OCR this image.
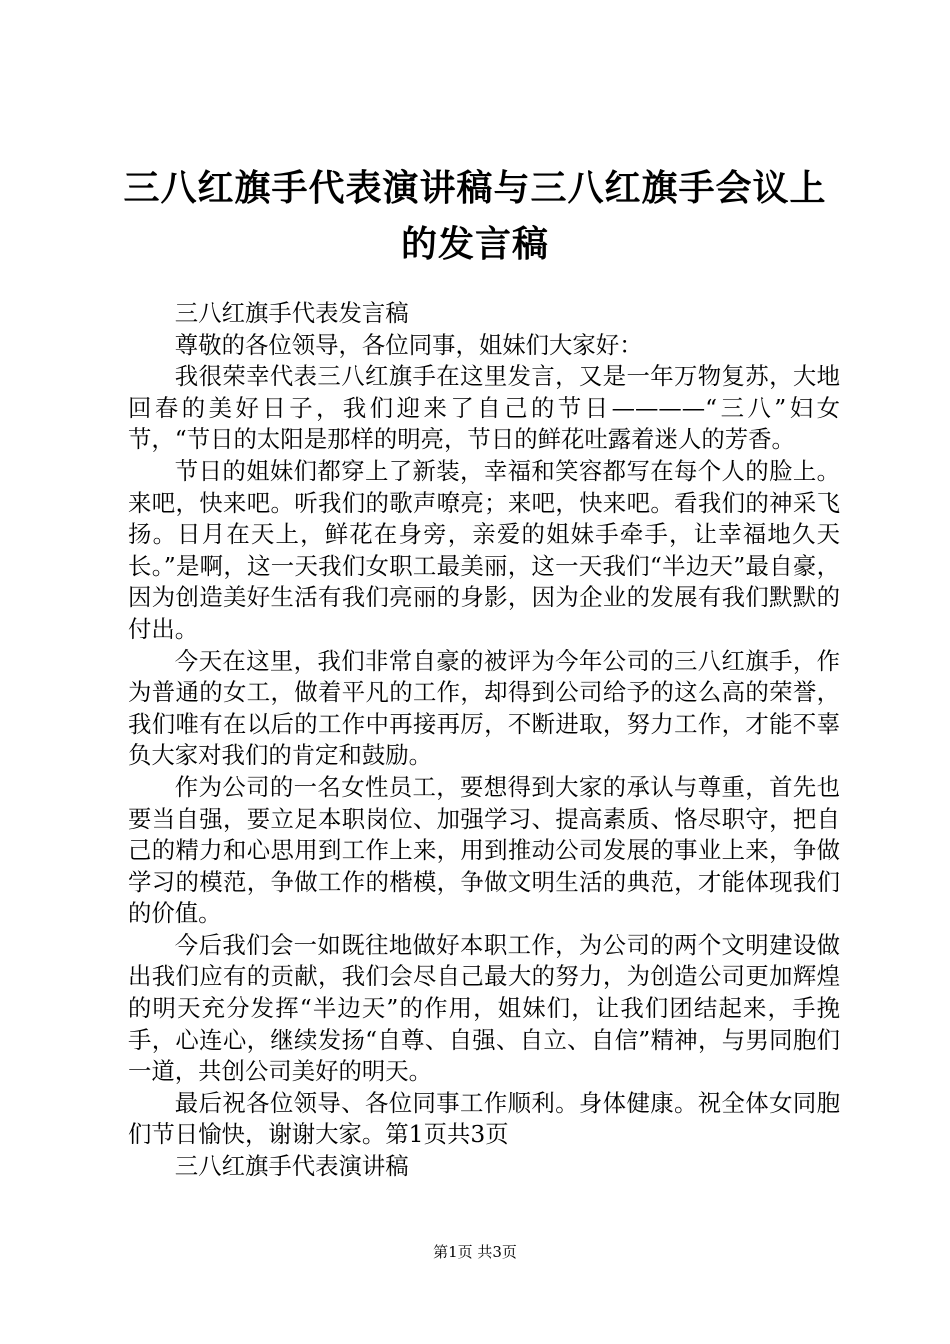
三八红旗手代表演讲稿与三八红旗手会议上的发言稿

三八红旗手代表发言稿

尊敬的各位领导，各位同事，姐妹们大家好：

我很荣幸代表三八红旗手在这里发言，又是一年万物复苏，大地回春的美好日子，我们迎来了自己的节日————“三八”妇女节，“节日的太阳是那样的明亮，节日的鲜花吐露着迷人的芳香。

节日的姐妹们都穿上了新装，幸福和笑容都写在每个人的脸上。来吧，快来吧。听我们的歌声嘹亮；来吧，快来吧。看我们的神采飞扬。日月在天上，鲜花在身旁，亲爱的姐妹手牵手，让幸福地久天长。”是啊，这一天我们女职工最美丽，这一天我们“半边天”最自豪，因为创造美好生活有我们亮丽的身影，因为企业的发展有我们默默的付出。

今天在这里，我们非常自豪的被评为今年公司的三八红旗手，作为普通的女工，做着平凡的工作，却得到公司给予的这么高的荣誉，我们唯有在以后的工作中再接再厉，不断进取，努力工作，才能不辜负大家对我们的肯定和鼓励。

作为公司的一名女性员工，要想得到大家的承认与尊重，首先也要当自强，要立足本职岗位、加强学习、提高素质、恪尽职守，把自己的精力和心思用到工作上来，用到推动公司发展的事业上来，争做学习的模范，争做工作的楷模，争做文明生活的典范，才能体现我们的价值。

今后我们会一如既往地做好本职工作，为公司的两个文明建设做出我们应有的贡献，我们会尽自己最大的努力，为创造公司更加辉煌的明天充分发挥“半边天”的作用，姐妹们，让我们团结起来，手挽手，心连心，继续发扬“自尊、自强、自立、自信”精神，与男同胞们一道，共创公司美好的明天。

最后祝各位领导、各位同事工作顺利。身体健康。祝全体女同胞们节日愉快，谢谢大家。第1页共3页

三八红旗手代表演讲稿

第1页 共3页
